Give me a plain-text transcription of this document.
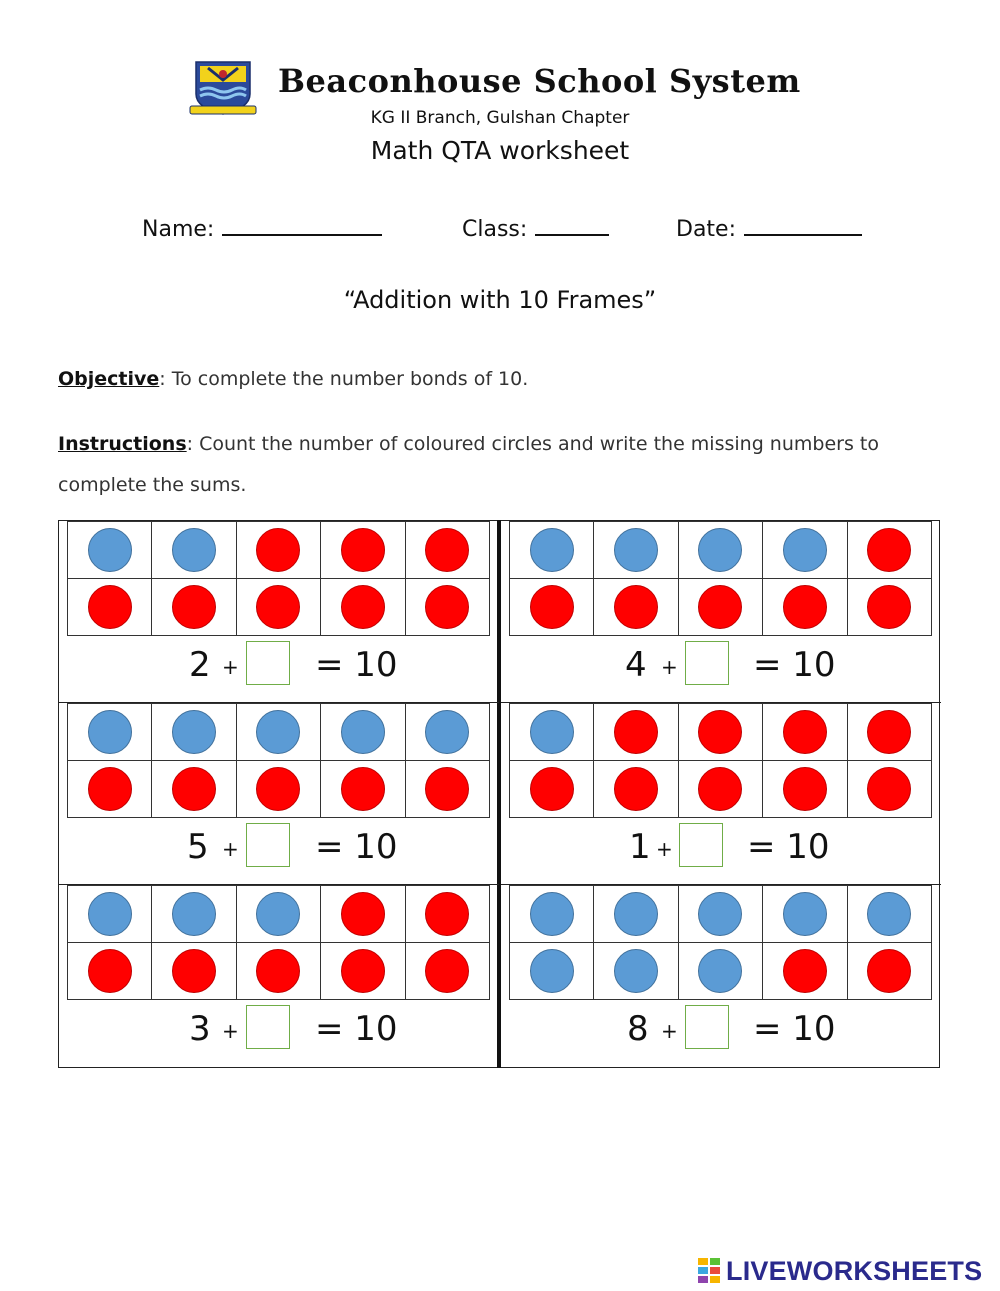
Beaconhouse School System
KG II Branch, Gulshan Chapter
Math QTA worksheet
Name:	Class:	Date:
“Addition with 10 Frames”
Objective: To complete the number bonds of 10.
Instructions: Count the number of coloured circles and write the missing numbers to complete the sums.

2 + = 10

					4 + = 10

5 + = 10

					1 + = 10

3 + = 10

					8 + = 10
LIVEWORKSHEETS
